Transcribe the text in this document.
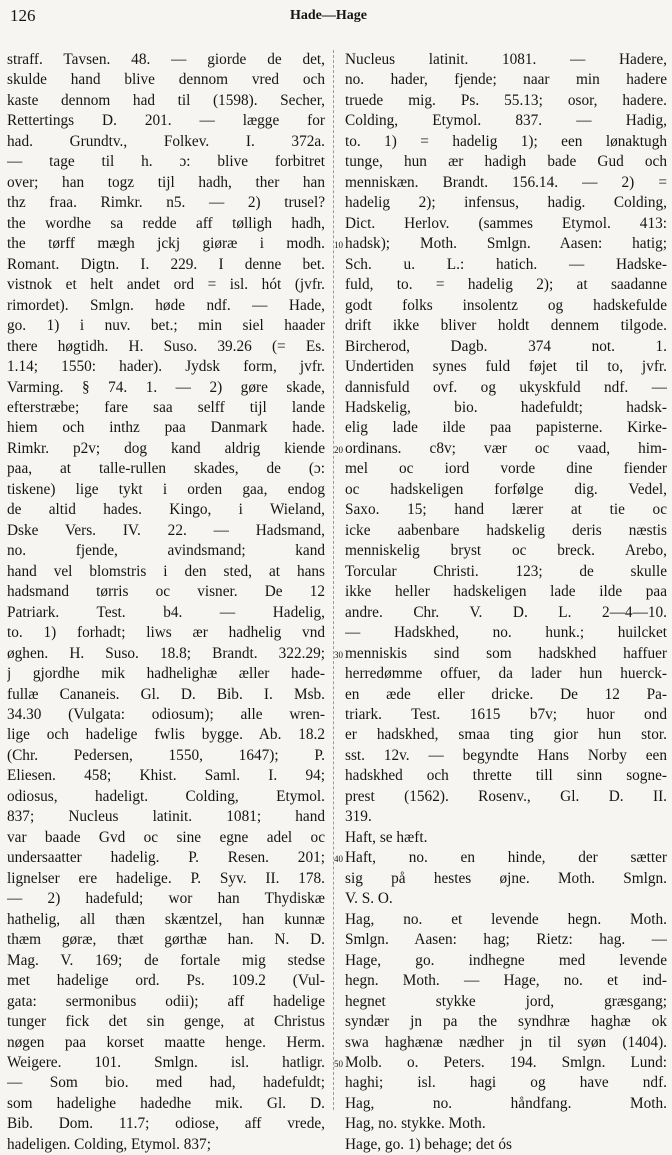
126	Hade—Hage
straff. Tavsen. 48. — giorde de det,
skulde hand blive dennom vred och
kaste dennom had til (1598). Secher,
Rettertings D. 201. — lægge for
had. Grundtv., Folkev. I. 372a.
— tage til h. ɔ: blive forbitret
over; han togz tijl hadh, ther han
thz fraa. Rimkr. n5. — 2) trusel?
the wordhe sa redde aff tølligh hadh,
the tørff mægh jckj giøræ i modh.
Romant. Digtn. I. 229. I denne bet.
vistnok et helt andet ord = isl. hót (jvfr.
rimordet). Smlgn. høde ndf. — Hade,
go. 1) i nuv. bet.; min siel haader
there høgtidh. H. Suso. 39.26 (= Es.
1.14; 1550: hader). Jydsk form, jvfr.
Varming. § 74. 1. — 2) gøre skade,
efterstræbe; fare saa selff tijl lande
hiem och inthz paa Danmark hade.
Rimkr. p2v; dog kand aldrig kiende
paa, at talle-rullen skades, de (ɔ:
tiskene) lige tykt i orden gaa, endog
de altid hades. Kingo, i Wieland,
Dske Vers. IV. 22. — Hadsmand,
no. fjende, avindsmand; kand
hand vel blomstris i den sted, at hans
hadsmand tørris oc visner. De 12
Patriark. Test. b4. — Hadelig,
to. 1) forhadt; liws ær hadhelig vnd
øghen. H. Suso. 18.8; Brandt. 322.29;
j gjordhe mik hadhelighæ æller hade-
fullæ Cananeis. Gl. D. Bib. I. Msb.
34.30 (Vulgata: odiosum); alle wren-
lige och hadelige fwlis bygge. Ab. 18.2
(Chr. Pedersen, 1550, 1647); P.
Eliesen. 458; Khist. Saml. I. 94;
odiosus, hadeligt. Colding, Etymol.
837; Nucleus latinit. 1081; hand
var baade Gvd oc sine egne adel oc
undersaatter hadelig. P. Resen. 201;
lignelser ere hadelige. P. Syv. II. 178.
— 2) hadefuld; wor han Thydiskæ
hathelig, all thæn skæntzel, han kunnæ
thæm gøræ, thæt gørthæ han. N. D.
Mag. V. 169; de fortale mig stedse
met hadelige ord. Ps. 109.2 (Vul-
gata: sermonibus odii); aff hadelige
tunger fick det sin genge, at Christus
nøgen paa korset maatte henge. Herm.
Weigere. 101. Smlgn. isl. hatligr.
— Som bio. med had, hadefuldt;
som hadelighe hadedhe mik. Gl. D.
Bib. Dom. 11.7; odiose, aff vrede,
hadeligen. Colding, Etymol. 837;
Nucleus latinit. 1081. — Hadere,
no. hader, fjende; naar min hadere
truede mig. Ps. 55.13; osor, hadere.
Colding, Etymol. 837. — Hadig,
to. 1) = hadelig 1); een lønaktugh
tunge, hun ær hadigh bade Gud och
menniskæn. Brandt. 156.14. — 2) =
hadelig 2); infensus, hadig. Colding,
Dict. Herlov. (sammes Etymol. 413:
hadsk); Moth. Smlgn. Aasen: hatig;
Sch. u. L.: hatich. — Hadske-
fuld, to. = hadelig 2); at saadanne
godt folks insolentz og hadskefulde
drift ikke bliver holdt dennem tilgode.
Bircherod, Dagb. 374 not. 1.
Undertiden synes fuld føjet til to, jvfr.
dannisfuld ovf. og ukyskfuld ndf. —
Hadskelig, bio. hadefuldt; hadsk-
elig lade ilde paa papisterne. Kirke-
ordinans. c8v; vær oc vaad, him-
mel oc iord vorde dine fiender
oc hadskeligen forfølge dig. Vedel,
Saxo. 15; hand lærer at tie oc
icke aabenbare hadskelig deris næstis
menniskelig bryst oc breck. Arebo,
Torcular Christi. 123; de skulle
ikke heller hadskeligen lade ilde paa
andre. Chr. V. D. L. 2—4—10.
— Hadskhed, no. hunk.; huilcket
menniskis sind som hadskhed haffuer
herredømme offuer, da lader hun huerck-
en æde eller dricke. De 12 Pa-
triark. Test. 1615 b7v; huor ond
er hadskhed, smaa ting gior hun stor.
sst. 12v. — begyndte Hans Norby een
hadskhed och thrette till sinn sogne-
prest (1562). Rosenv., Gl. D. II.
319.
Haft, se hæft.
Haft, no. en hinde, der sætter
sig på hestes øjne. Moth. Smlgn.
V. S. O.
Hag, no. et levende hegn. Moth.
Smlgn. Aasen: hag; Rietz: hag. —
Hage, go. indhegne med levende
hegn. Moth. — Hage, no. et ind-
hegnet stykke jord, græsgang;
syndær jn pa the syndhræ haghæ ok
swa haghænæ nædher jn til syøn (1404).
Molb. o. Peters. 194. Smlgn. Lund:
haghi; isl. hagi og have ndf.
Hag, no. håndfang. Moth.
Hag, no. stykke. Moth.
Hage, go. 1) behage; det ós
10
20
30
40
50
